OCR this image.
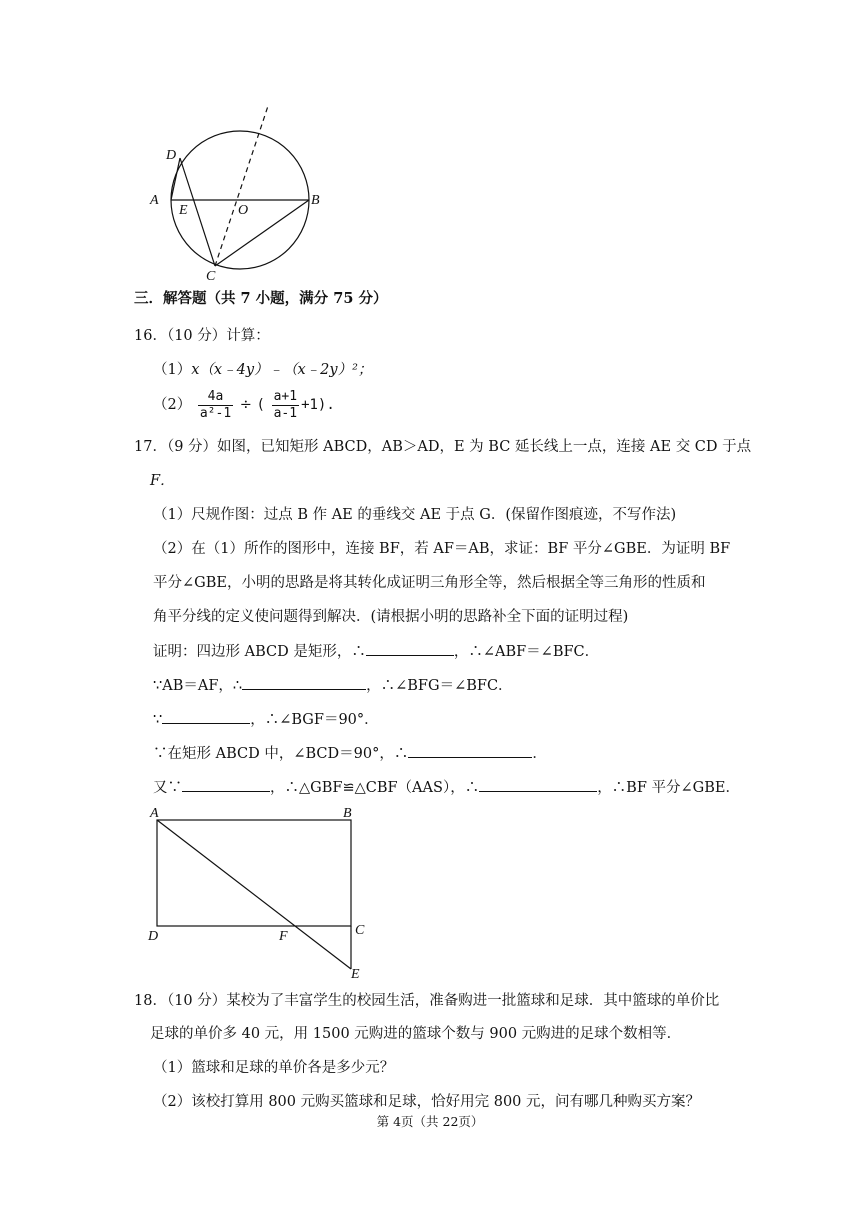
D
A
E	O
B
C
三．解答题（共 7 小题，满分 75 分）
16．（10 分）计算：
（1）x（x﹣4y）﹣（x﹣2y）²；
$(2) \frac{4a}{\text{a²-1}}$ ÷ ( $\frac{a+1}{a-1} +1$).
17．（9 分）如图，已知矩形 ABCD，AB＞AD，E 为 BC 延长线上一点，连接 AE 交 CD 于点
F．
（1）尺规作图：过点 B 作 AE 的垂线交 AE 于点 G．(保留作图痕迹，不写作法)
（2）在（1）所作的图形中，连接 BF，若 AF＝AB，求证：BF 平分∠GBE．为证明 BF
平分∠GBE，小明的思路是将其转化成证明三角形全等，然后根据全等三角形的性质和
角平分线的定义使问题得到解决．(请根据小明的思路补全下面的证明过程)
证明：四边形 ABCD 是矩形，∴	，∴∠ABF＝∠BFC．
∵AB＝AF，∴	，∴∠BFG＝∠BFC．
∵	，∴∠BGF＝90°．
∵在矩形 ABCD 中，∠BCD＝90°，∴	．
又∵	，∴△GBF≌△CBF（AAS），∴	，∴BF 平分∠GBE．
A	B
C
D	F
E
18．（10 分）某校为了丰富学生的校园生活，准备购进一批篮球和足球．其中篮球的单价比
足球的单价多 40 元，用 1500 元购进的篮球个数与 900 元购进的足球个数相等．
（1）篮球和足球的单价各是多少元？
（2）该校打算用 800 元购买篮球和足球，恰好用完 800 元，问有哪几种购买方案？
第 4页（共 22页）
